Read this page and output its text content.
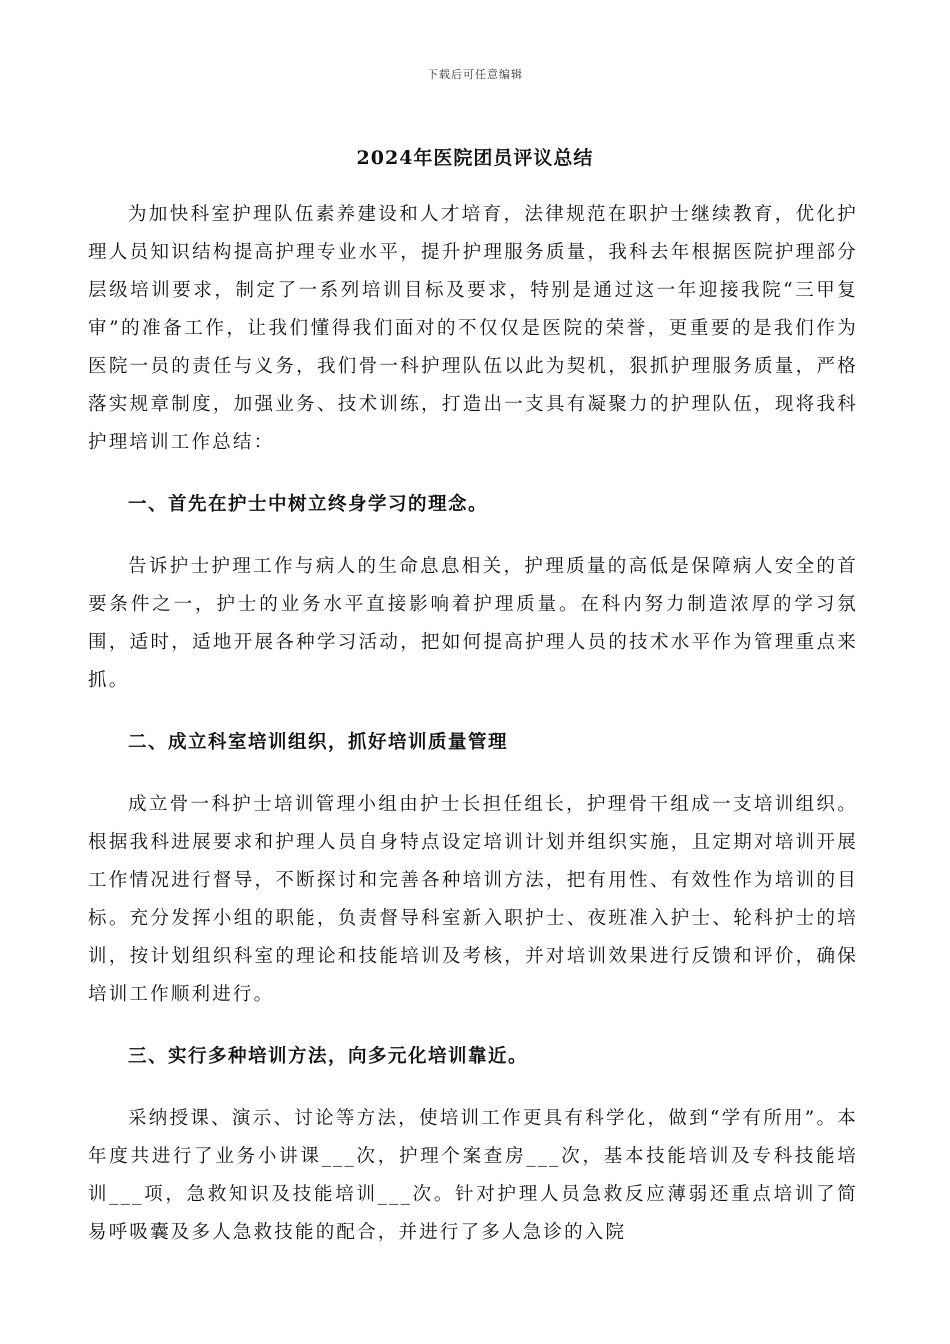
下载后可任意编辑
2024年医院团员评议总结

为加快科室护理队伍素养建设和人才培育，法律规范在职护士继续教育，优化护理人员知识结构提高护理专业水平，提升护理服务质量，我科去年根据医院护理部分层级培训要求，制定了一系列培训目标及要求，特别是通过这一年迎接我院“三甲复审”的准备工作，让我们懂得我们面对的不仅仅是医院的荣誉，更重要的是我们作为医院一员的责任与义务，我们骨一科护理队伍以此为契机，狠抓护理服务质量，严格落实规章制度，加强业务、技术训练，打造出一支具有凝聚力的护理队伍，现将我科护理培训工作总结：

一、首先在护士中树立终身学习的理念。

告诉护士护理工作与病人的生命息息相关，护理质量的高低是保障病人安全的首要条件之一，护士的业务水平直接影响着护理质量。在科内努力制造浓厚的学习氛围，适时，适地开展各种学习活动，把如何提高护理人员的技术水平作为管理重点来抓。

二、成立科室培训组织，抓好培训质量管理

成立骨一科护士培训管理小组由护士长担任组长，护理骨干组成一支培训组织。根据我科进展要求和护理人员自身特点设定培训计划并组织实施，且定期对培训开展工作情况进行督导，不断探讨和完善各种培训方法，把有用性、有效性作为培训的目标。充分发挥小组的职能，负责督导科室新入职护士、夜班准入护士、轮科护士的培训，按计划组织科室的理论和技能培训及考核，并对培训效果进行反馈和评价，确保培训工作顺利进行。

三、实行多种培训方法，向多元化培训靠近。

采纳授课、演示、讨论等方法，使培训工作更具有科学化，做到“学有所用”。本年度共进行了业务小讲课___次，护理个案查房___次，基本技能培训及专科技能培训___项，急救知识及技能培训___次。针对护理人员急救反应薄弱还重点培训了简易呼吸囊及多人急救技能的配合，并进行了多人急诊的入院
